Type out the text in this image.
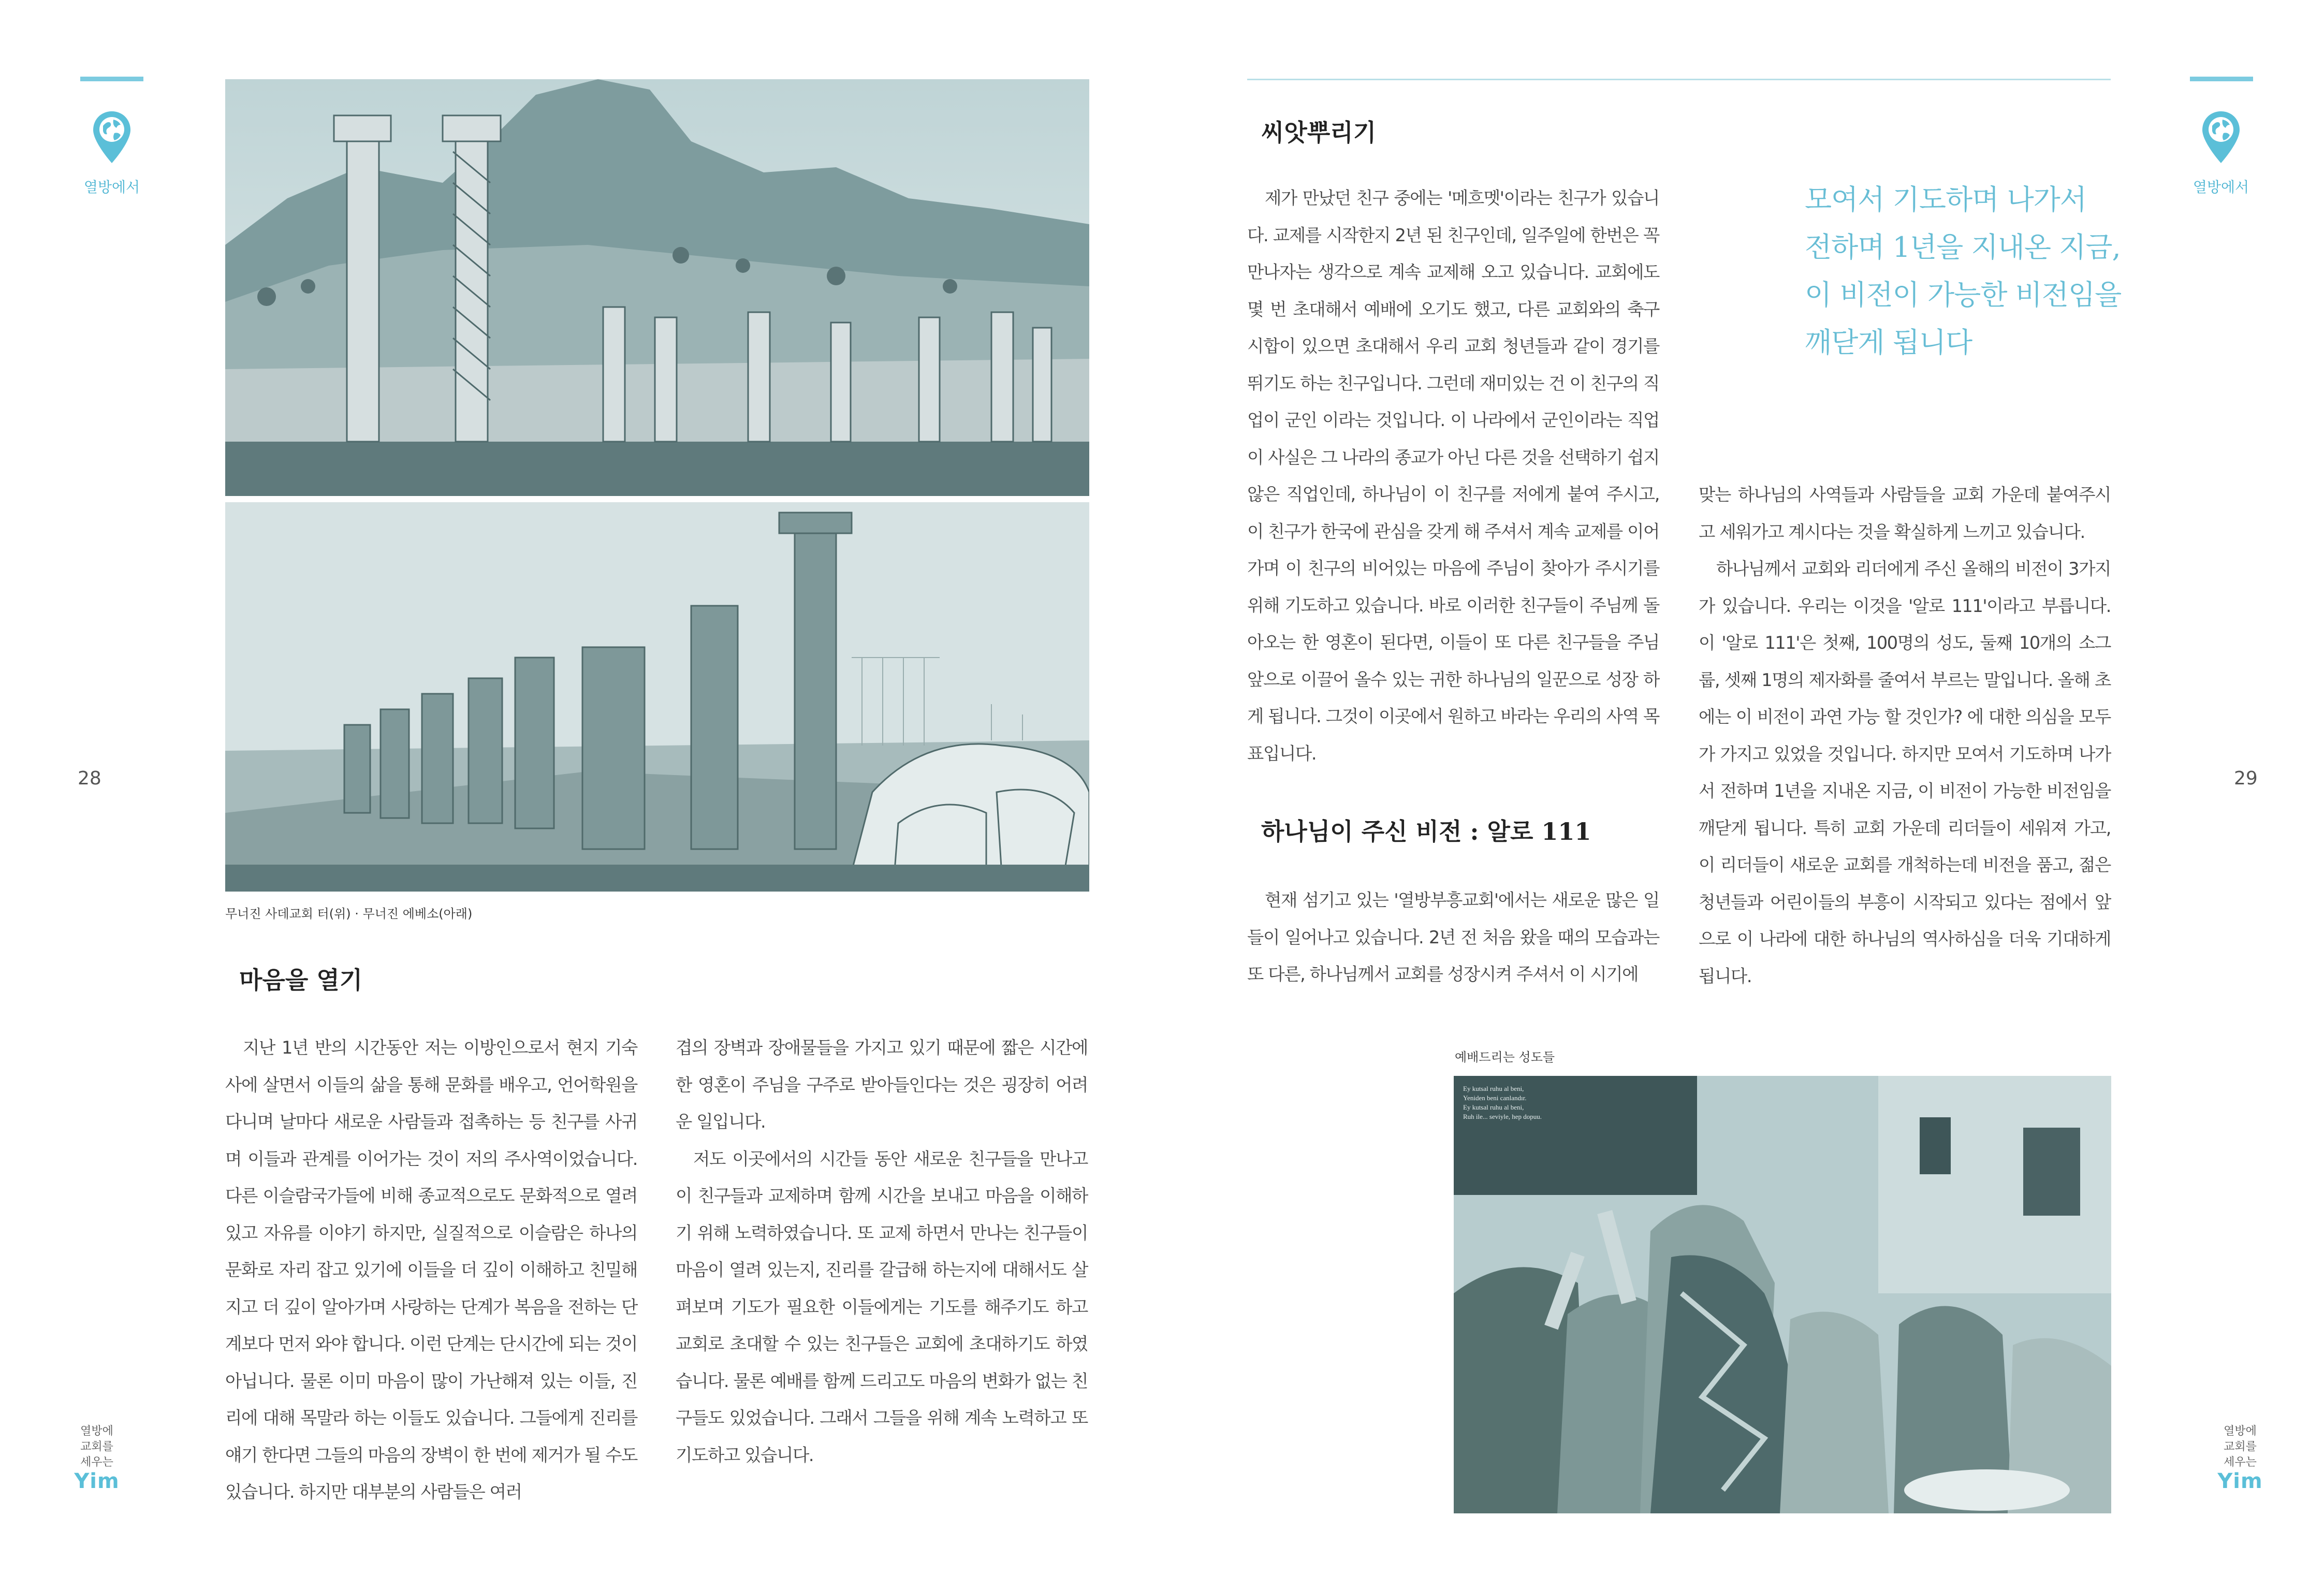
열방에서
28
열방에
교회를
세우는
Yim
무너진 사데교회 터(위) · 무너진 에베소(아래)
마음을 열기

지난 1년 반의 시간동안 저는 이방인으로서 현지 기숙사에 살면서 이들의 삶을 통해 문화를 배우고, 언어학원을 다니며 날마다 새로운 사람들과 접촉하는 등 친구를 사귀며 이들과 관계를 이어가는 것이 저의 주사역이었습니다. 다른 이슬람국가들에 비해 종교적으로도 문화적으로 열려있고 자유를 이야기 하지만, 실질적으로 이슬람은 하나의 문화로 자리 잡고 있기에 이들을 더 깊이 이해하고 친밀해지고 더 깊이 알아가며 사랑하는 단계가 복음을 전하는 단계보다 먼저 와야 합니다. 이런 단계는 단시간에 되는 것이 아닙니다. 물론 이미 마음이 많이 가난해져 있는 이들, 진리에 대해 목말라 하는 이들도 있습니다. 그들에게 진리를 얘기 한다면 그들의 마음의 장벽이 한 번에 제거가 될 수도 있습니다. 하지만 대부분의 사람들은 여러

겹의 장벽과 장애물들을 가지고 있기 때문에 짧은 시간에 한 영혼이 주님을 구주로 받아들인다는 것은 굉장히 어려운 일입니다.

저도 이곳에서의 시간들 동안 새로운 친구들을 만나고 이 친구들과 교제하며 함께 시간을 보내고 마음을 이해하기 위해 노력하였습니다. 또 교제 하면서 만나는 친구들이 마음이 열려 있는지, 진리를 갈급해 하는지에 대해서도 살펴보며 기도가 필요한 이들에게는 기도를 해주기도 하고 교회로 초대할 수 있는 친구들은 교회에 초대하기도 하였습니다. 물론 예배를 함께 드리고도 마음의 변화가 없는 친구들도 있었습니다. 그래서 그들을 위해 계속 노력하고 또 기도하고 있습니다.

열방에서
29
열방에
교회를
세우는
Yim
씨앗뿌리기

제가 만났던 친구 중에는 '메흐멧'이라는 친구가 있습니다. 교제를 시작한지 2년 된 친구인데, 일주일에 한번은 꼭 만나자는 생각으로 계속 교제해 오고 있습니다. 교회에도 몇 번 초대해서 예배에 오기도 했고, 다른 교회와의 축구 시합이 있으면 초대해서 우리 교회 청년들과 같이 경기를 뛰기도 하는 친구입니다. 그런데 재미있는 건 이 친구의 직업이 군인 이라는 것입니다. 이 나라에서 군인이라는 직업이 사실은 그 나라의 종교가 아닌 다른 것을 선택하기 쉽지 않은 직업인데, 하나님이 이 친구를 저에게 붙여 주시고, 이 친구가 한국에 관심을 갖게 해 주셔서 계속 교제를 이어가며 이 친구의 비어있는 마음에 주님이 찾아가 주시기를 위해 기도하고 있습니다. 바로 이러한 친구들이 주님께 돌아오는 한 영혼이 된다면, 이들이 또 다른 친구들을 주님 앞으로 이끌어 올수 있는 귀한 하나님의 일꾼으로 성장 하게 됩니다. 그것이 이곳에서 원하고 바라는 우리의 사역 목표입니다.

하나님이 주신 비전 : 알로 111

현재 섬기고 있는 '열방부흥교회'에서는 새로운 많은 일들이 일어나고 있습니다. 2년 전 처음 왔을 때의 모습과는 또 다른, 하나님께서 교회를 성장시켜 주셔서 이 시기에

모여서 기도하며 나가서
전하며 1년을 지내온 지금,
이 비전이 가능한 비전임을
깨닫게 됩니다

맞는 하나님의 사역들과 사람들을 교회 가운데 붙여주시고 세워가고 계시다는 것을 확실하게 느끼고 있습니다.

하나님께서 교회와 리더에게 주신 올해의 비전이 3가지가 있습니다. 우리는 이것을 '알로 111'이라고 부릅니다. 이 '알로 111'은 첫째, 100명의 성도, 둘째 10개의 소그룹, 셋째 1명의 제자화를 줄여서 부르는 말입니다. 올해 초에는 이 비전이 과연 가능 할 것인가? 에 대한 의심을 모두가 가지고 있었을 것입니다. 하지만 모여서 기도하며 나가서 전하며 1년을 지내온 지금, 이 비전이 가능한 비전임을 깨닫게 됩니다. 특히 교회 가운데 리더들이 세워져 가고, 이 리더들이 새로운 교회를 개척하는데 비전을 품고, 젊은 청년들과 어린이들의 부흥이 시작되고 있다는 점에서 앞으로 이 나라에 대한 하나님의 역사하심을 더욱 기대하게 됩니다.

예배드리는 성도들
Ey kutsal ruhu al beni,
Yeniden beni canlandır.
Ey kutsal ruhu al beni,
Ruh ile... seviyle, hep dopuu.
